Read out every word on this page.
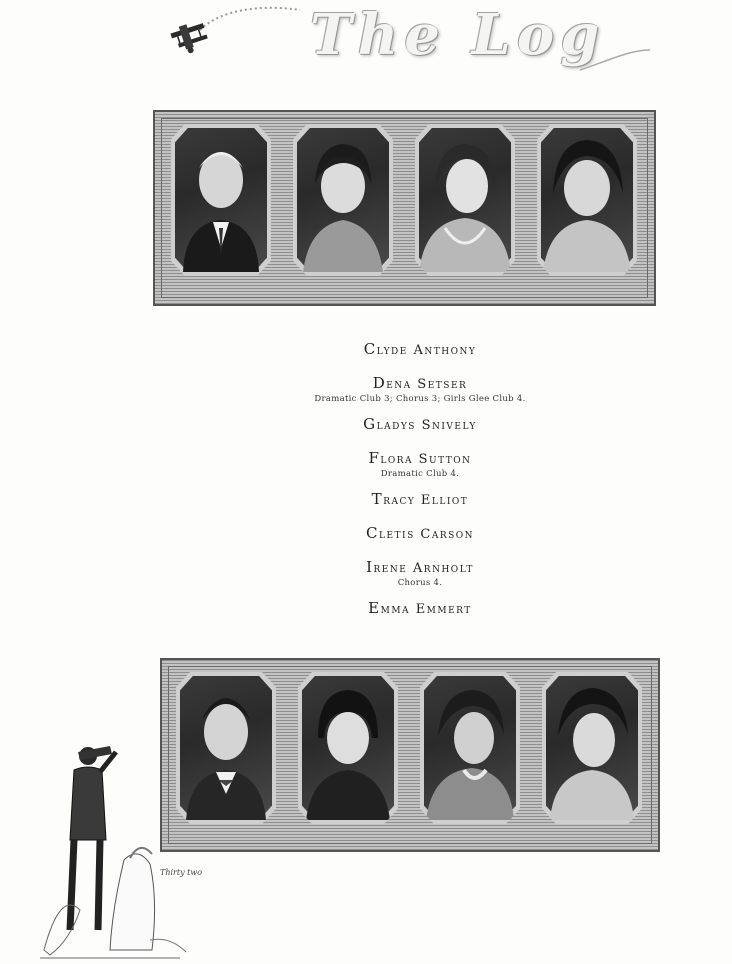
The Log
Clyde Anthony
Dena Setser
Dramatic Club 3; Chorus 3; Girls Glee Club 4.
Gladys Snively
Flora Sutton
Dramatic Club 4.
Tracy Elliot
Cletis Carson
Irene Arnholt
Chorus 4.
Emma Emmert
Thirty two
